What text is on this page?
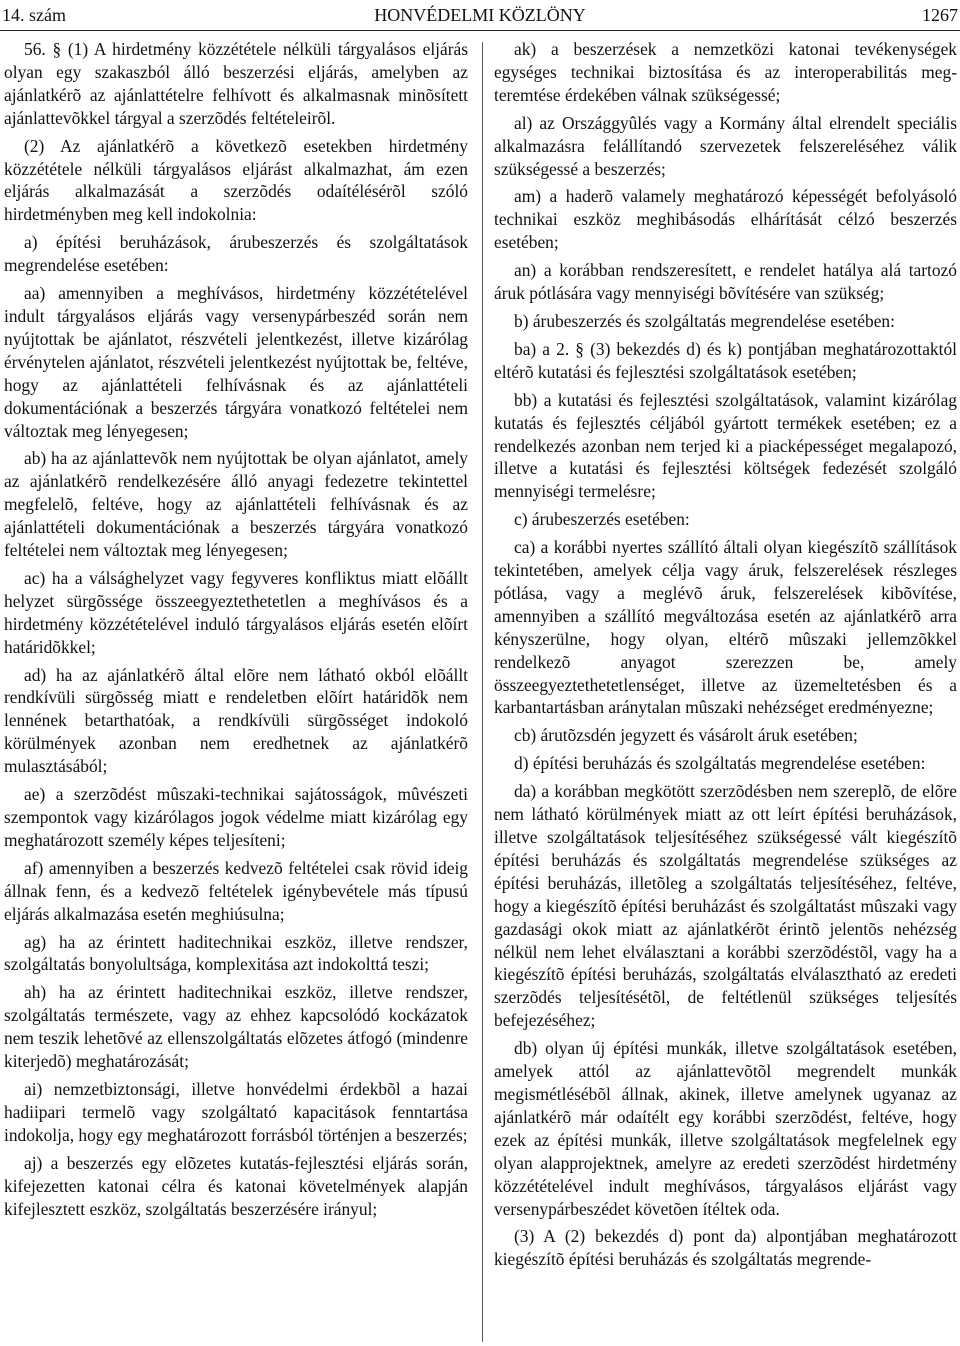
14. szám	HONVÉDELMI KÖZLÖNY	1267

56. § (1) A hirdetmény közzététele nélküli tárgyalásos eljárás olyan egy szakaszból álló beszerzési eljárás, amelyben az ajánlatkérõ az ajánlattételre felhívott és alkalmasnak minõsített ajánlattevõkkel tárgyal a szerzõdés feltételeirõl.

(2) Az ajánlatkérõ a következõ esetekben hirdetmény közzététele nélküli tárgyalásos eljárást alkalmazhat, ám ezen eljárás alkalmazását a szerzõdés odaítélésérõl szóló hirdetményben meg kell indokolnia:

a) építési beruházások, árubeszerzés és szolgáltatások megrendelése esetében:

aa) amennyiben a meghívásos, hirdetmény közzétételével indult tárgyalásos eljárás vagy versenypárbeszéd során nem nyújtottak be ajánlatot, részvételi jelentkezést, illetve kizárólag érvénytelen ajánlatot, részvételi jelentkezést nyújtottak be, feltéve, hogy az ajánlattételi felhívásnak és az ajánlattételi dokumentációnak a beszerzés tárgyára vonatkozó feltételei nem változtak meg lényegesen;

ab) ha az ajánlattevõk nem nyújtottak be olyan ajánlatot, amely az ajánlatkérõ rendelkezésére álló anyagi fedezetre tekintettel megfelelõ, feltéve, hogy az ajánlattételi felhívásnak és az ajánlattételi dokumentációnak a beszerzés tárgyára vonatkozó feltételei nem változtak meg lényegesen;

ac) ha a válsághelyzet vagy fegyveres konfliktus miatt elõállt helyzet sürgõssége összeegyeztethetetlen a meghívásos és a hirdetmény közzétételével induló tárgyalásos eljárás esetén elõírt határidõkkel;

ad) ha az ajánlatkérõ által elõre nem látható okból elõállt rendkívüli sürgõsség miatt e rendeletben elõírt határidõk nem lennének betarthatóak, a rendkívüli sürgõsséget indokoló körülmények azonban nem eredhetnek az ajánlatkérõ mulasztásából;

ae) a szerzõdést mûszaki-technikai sajátosságok, mûvészeti szempontok vagy kizárólagos jogok védelme miatt kizárólag egy meghatározott személy képes teljesíteni;

af) amennyiben a beszerzés kedvezõ feltételei csak rövid ideig állnak fenn, és a kedvezõ feltételek igénybevétele más típusú eljárás alkalmazása esetén meghiúsulna;

ag) ha az érintett haditechnikai eszköz, illetve rendszer, szolgáltatás bonyolultsága, komplexitása azt indokolttá teszi;

ah) ha az érintett haditechnikai eszköz, illetve rendszer, szolgáltatás természete, vagy az ehhez kapcsolódó kockázatok nem teszik lehetõvé az ellenszolgáltatás elõzetes átfogó (mindenre kiterjedõ) meghatározását;

ai) nemzetbiztonsági, illetve honvédelmi érdekbõl a hazai hadiipari termelõ vagy szolgáltató kapacitások fenntartása indokolja, hogy egy meghatározott forrásból történjen a beszerzés;

aj) a beszerzés egy elõzetes kutatás-fejlesztési eljárás során, kifejezetten katonai célra és katonai követelmények alapján kifejlesztett eszköz, szolgáltatás beszerzésére irányul;

ak) a beszerzések a nemzetközi katonai tevékenységek egységes technikai biztosítása és az interoperabilitás megteremtése érdekében válnak szükségessé;

al) az Országgyûlés vagy a Kormány által elrendelt speciális alkalmazásra felállítandó szervezetek felszereléséhez válik szükségessé a beszerzés;

am) a haderõ valamely meghatározó képességét befolyásoló technikai eszköz meghibásodás elhárítását célzó beszerzés esetében;

an) a korábban rendszeresített, e rendelet hatálya alá tartozó áruk pótlására vagy mennyiségi bõvítésére van szükség;

b) árubeszerzés és szolgáltatás megrendelése esetében:

ba) a 2. § (3) bekezdés d) és k) pontjában meghatározottaktól eltérõ kutatási és fejlesztési szolgáltatások esetében;

bb) a kutatási és fejlesztési szolgáltatások, valamint kizárólag kutatás és fejlesztés céljából gyártott termékek esetében; ez a rendelkezés azonban nem terjed ki a piacképességet megalapozó, illetve a kutatási és fejlesztési költségek fedezését szolgáló mennyiségi termelésre;

c) árubeszerzés esetében:

ca) a korábbi nyertes szállító általi olyan kiegészítõ szállítások tekintetében, amelyek célja vagy áruk, felszerelések részleges pótlása, vagy a meglévõ áruk, felszerelések kibõvítése, amennyiben a szállító megváltozása esetén az ajánlatkérõ arra kényszerülne, hogy olyan, eltérõ mûszaki jellemzõkkel rendelkezõ anyagot szerezzen be, amely összeegyeztethetetlenséget, illetve az üzemeltetésben és a karbantartásban aránytalan mûszaki nehézséget eredményezne;

cb) árutõzsdén jegyzett és vásárolt áruk esetében;

d) építési beruházás és szolgáltatás megrendelése esetében:

da) a korábban megkötött szerzõdésben nem szereplõ, de elõre nem látható körülmények miatt az ott leírt építési beruházások, illetve szolgáltatások teljesítéséhez szükségessé vált kiegészítõ építési beruházás és szolgáltatás megrendelése szükséges az építési beruházás, illetõleg a szolgáltatás teljesítéséhez, feltéve, hogy a kiegészítõ építési beruházást és szolgáltatást mûszaki vagy gazdasági okok miatt az ajánlatkérõt érintõ jelentõs nehézség nélkül nem lehet elválasztani a korábbi szerzõdéstõl, vagy ha a kiegészítõ építési beruházás, szolgáltatás elválasztható az eredeti szerzõdés teljesítésétõl, de feltétlenül szükséges teljesítés befejezéséhez;

db) olyan új építési munkák, illetve szolgáltatások esetében, amelyek attól az ajánlattevõtõl megrendelt munkák megismétlésébõl állnak, akinek, illetve amelynek ugyanaz az ajánlatkérõ már odaítélt egy korábbi szerzõdést, feltéve, hogy ezek az építési munkák, illetve szolgáltatások megfelelnek egy olyan alapprojektnek, amelyre az eredeti szerzõdést hirdetmény közzétételével indult meghívásos, tárgyalásos eljárást vagy versenypárbeszédet követõen ítéltek oda.

(3) A (2) bekezdés d) pont da) alpontjában meghatározott kiegészítõ építési beruházás és szolgáltatás megrende-
